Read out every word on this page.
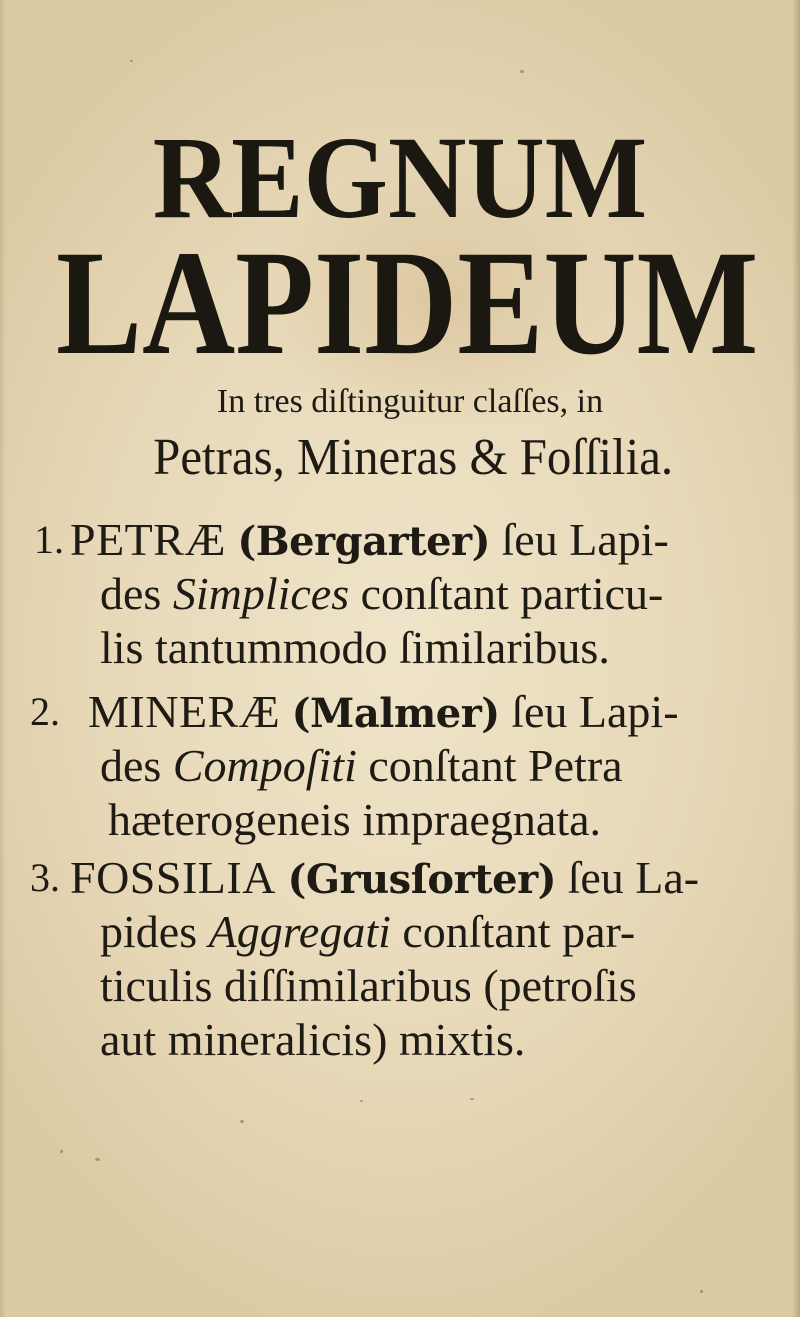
REGNUM
LAPIDEUM

In tres diſtinguitur claſſes, in

Petras, Mineras & Foſſilia.

1. PETRÆ (Bergarter) ſeu Lapi-
des Simplices conſtant particu-
lis tantummodo ſimilaribus.
2. MINERÆ (Malmer) ſeu Lapi-
des Compoſiti conſtant Petra
hæterogeneis impraegnata.
3. FOSSILIA (Grusſorter) ſeu La-
pides Aggregati conſtant par-
ticulis diſſimilaribus (petroſis
aut mineralicis) mixtis.
